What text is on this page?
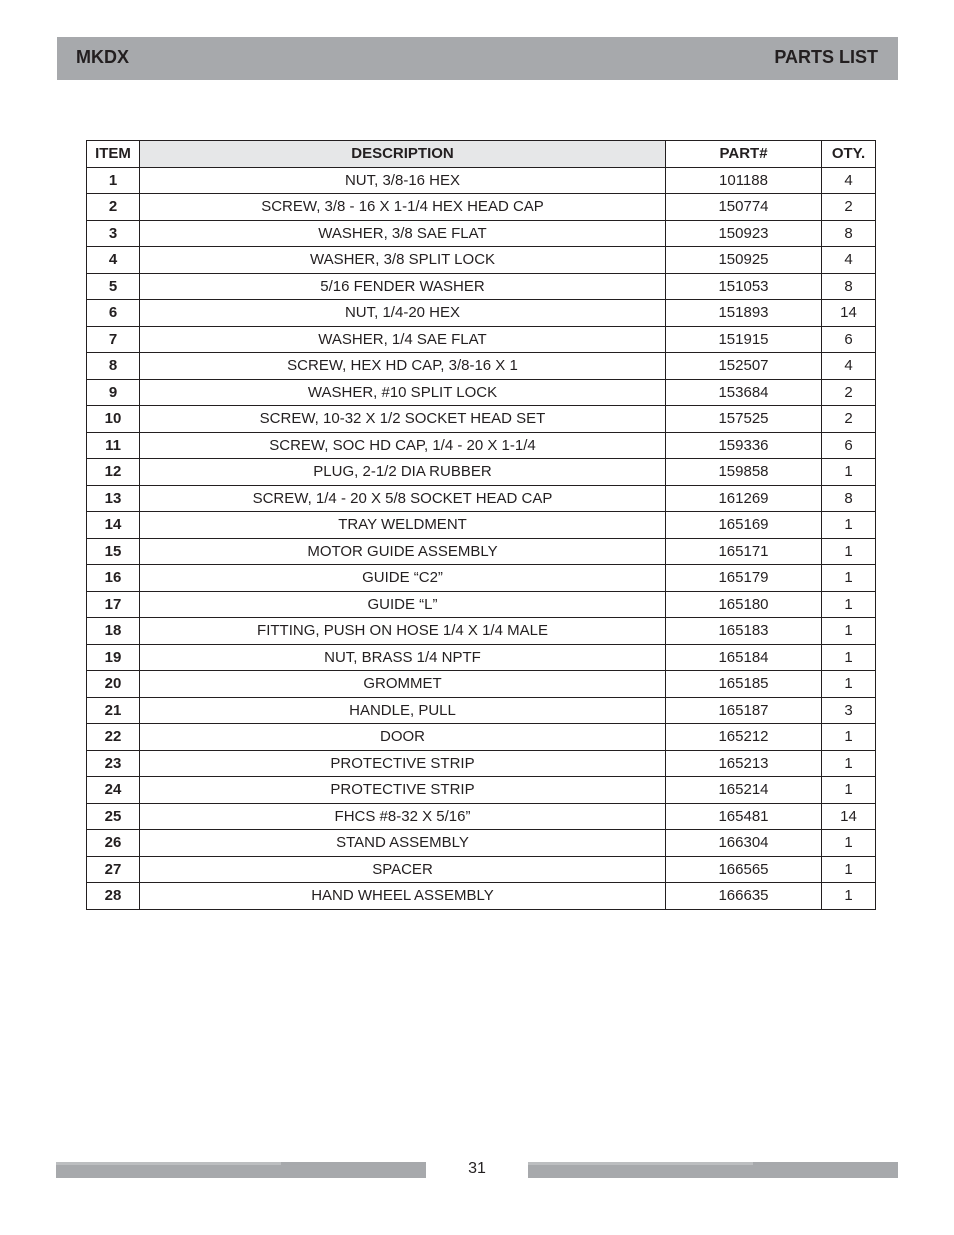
MKDX	PARTS LIST
ITEM	DESCRIPTION	PART#	OTY.
1	NUT, 3/8-16 HEX	101188	4
2	SCREW, 3/8 - 16 X 1-1/4 HEX HEAD CAP	150774	2
3	WASHER, 3/8 SAE FLAT	150923	8
4	WASHER, 3/8 SPLIT LOCK	150925	4
5	5/16 FENDER WASHER	151053	8
6	NUT, 1/4-20 HEX	151893	14
7	WASHER, 1/4 SAE FLAT	151915	6
8	SCREW, HEX HD CAP, 3/8-16 X 1	152507	4
9	WASHER, #10 SPLIT LOCK	153684	2
10	SCREW, 10-32 X 1/2 SOCKET HEAD SET	157525	2
11	SCREW, SOC HD CAP, 1/4 - 20 X 1-1/4	159336	6
12	PLUG, 2-1/2 DIA RUBBER	159858	1
13	SCREW, 1/4 - 20 X 5/8 SOCKET HEAD CAP	161269	8
14	TRAY WELDMENT	165169	1
15	MOTOR GUIDE ASSEMBLY	165171	1
16	GUIDE “C2”	165179	1
17	GUIDE “L”	165180	1
18	FITTING, PUSH ON HOSE 1/4 X 1/4 MALE	165183	1
19	NUT, BRASS 1/4 NPTF	165184	1
20	GROMMET	165185	1
21	HANDLE, PULL	165187	3
22	DOOR	165212	1
23	PROTECTIVE STRIP	165213	1
24	PROTECTIVE STRIP	165214	1
25	FHCS #8-32 X 5/16”	165481	14
26	STAND ASSEMBLY	166304	1
27	SPACER	166565	1
28	HAND WHEEL ASSEMBLY	166635	1
31
